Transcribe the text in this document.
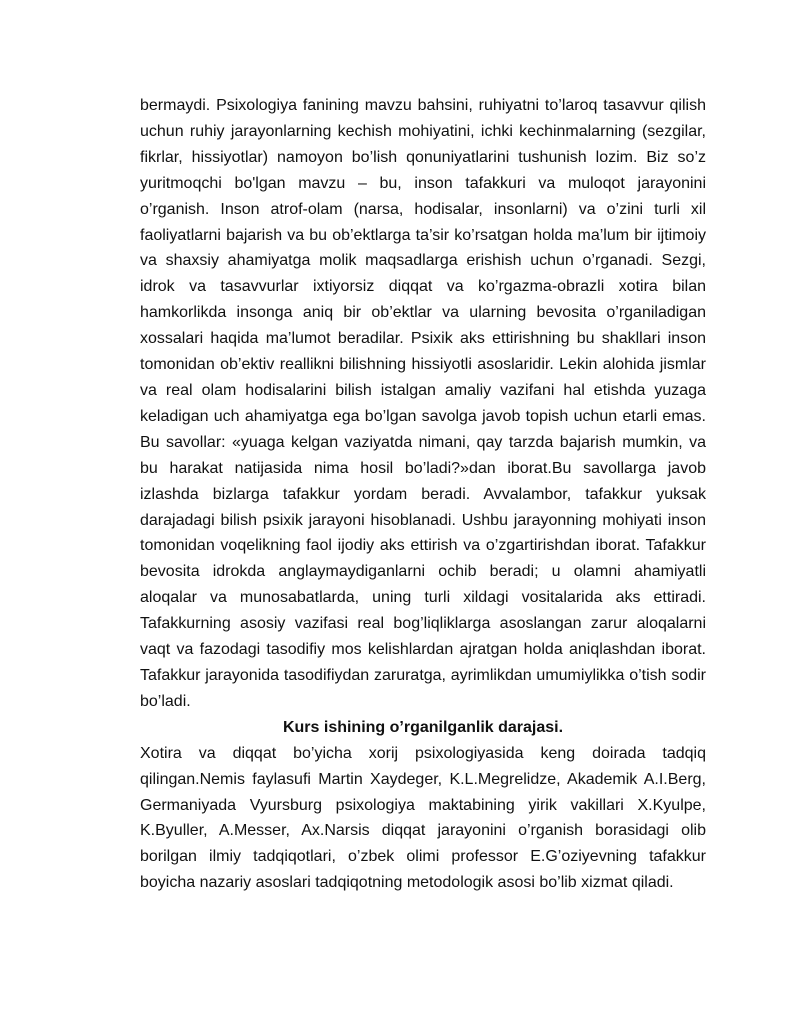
bermaydi. Psixologiya fanining mavzu bahsini, ruhiyatni to’laroq tasavvur qilish uchun ruhiy jarayonlarning kechish mohiyatini, ichki kechinmalarning (sezgilar, fikrlar, hissiyotlar) namoyon bo’lish qonuniyatlarini tushunish lozim. Biz so’z yuritmoqchi bo'lgan mavzu – bu, inson tafakkuri va muloqot jarayonini o’rganish. Inson atrof-olam (narsa, hodisalar, insonlarni) va o’zini turli xil faoliyatlarni bajarish va bu ob’ektlarga ta’sir ko’rsatgan holda ma’lum bir ijtimoiy va shaxsiy ahamiyatga molik maqsadlarga erishish uchun o’rganadi. Sezgi, idrok va tasavvurlar ixtiyorsiz diqqat va ko’rgazma-obrazli xotira bilan hamkorlikda insonga aniq bir ob’ektlar va ularning bevosita o’rganiladigan xossalari haqida ma’lumot beradilar. Psixik aks ettirishning bu shakllari inson tomonidan ob’ektiv reallikni bilishning hissiyotli asoslaridir. Lekin alohida jismlar va real olam hodisalarini bilish istalgan amaliy vazifani hal etishda yuzaga keladigan uch ahamiyatga ega bo’lgan savolga javob topish uchun etarli emas. Bu savollar: «yuaga kelgan vaziyatda nimani, qay tarzda bajarish mumkin, va bu harakat natijasida nima hosil bo’ladi?»dan iborat.Bu savollarga javob izlashda bizlarga tafakkur yordam beradi. Avvalambor, tafakkur yuksak darajadagi bilish psixik jarayoni hisoblanadi. Ushbu jarayonning mohiyati inson tomonidan voqelikning faol ijodiy aks ettirish va o’zgartirishdan iborat. Tafakkur bevosita idrokda anglaymaydiganlarni ochib beradi; u olamni ahamiyatli aloqalar va munosabatlarda, uning turli xildagi vositalarida aks ettiradi. Tafakkurning asosiy vazifasi real bog’liqliklarga asoslangan zarur aloqalarni vaqt va fazodagi tasodifiy mos kelishlardan ajratgan holda aniqlashdan iborat. Tafakkur jarayonida tasodifiydan zaruratga, ayrimlikdan umumiylikka o’tish sodir bo’ladi.

Kurs ishining o’rganilganlik darajasi.

Xotira va diqqat bo’yicha xorij psixologiyasida keng doirada tadqiq qilingan.Nemis faylasufi Martin Xaydeger, K.L.Megrelidze, Akademik A.I.Berg, Germaniyada Vyursburg psixologiya maktabining yirik vakillari X.Kyulpe, K.Byuller, A.Messer, Ax.Narsis diqqat jarayonini o’rganish borasidagi olib borilgan ilmiy tadqiqotlari, o’zbek olimi professor E.G’oziyevning tafakkur boyicha nazariy asoslari tadqiqotning metodologik asosi bo’lib xizmat qiladi.
